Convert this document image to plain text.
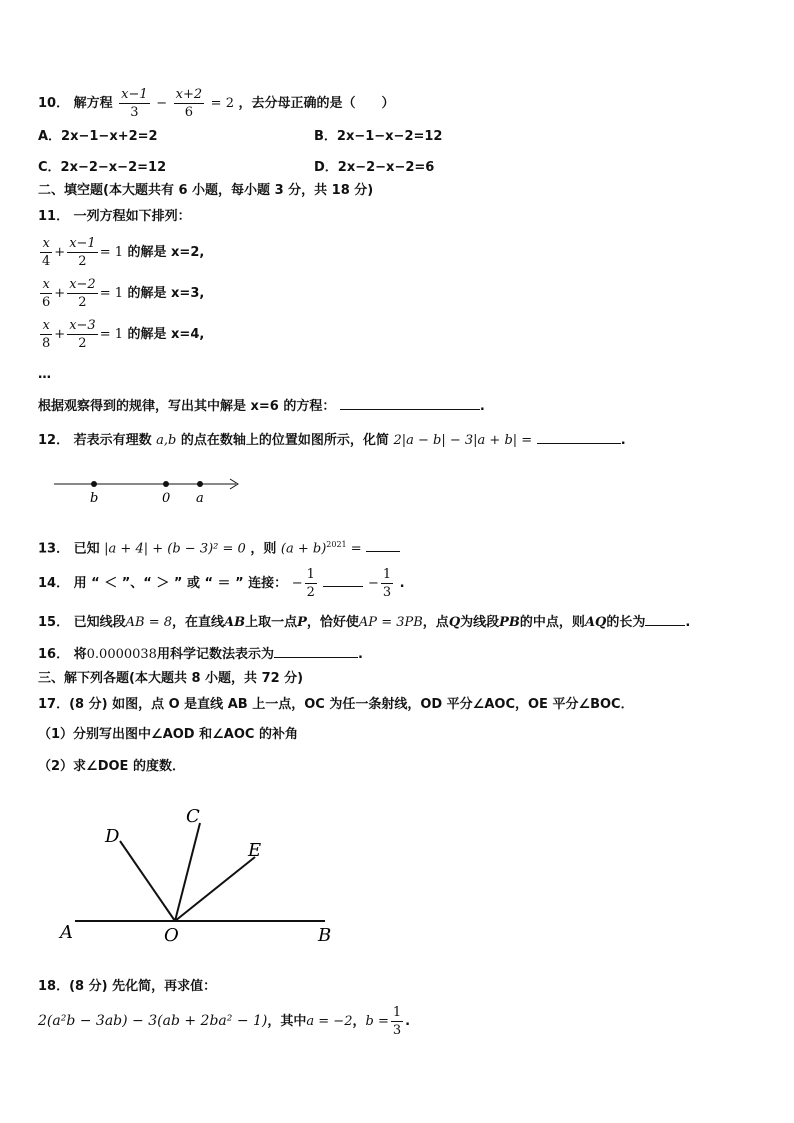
10． 解方程 $\frac{x-1}{3} - \frac{x+2}{6} = 2$ ，去分母正确的是（　　）
A．2x−1−x+2=2	B．2x−1−x−2=12
C．2x−2−x−2=12	D．2x−2−x−2=6
二、填空题(本大题共有 6 小题，每小题 3 分，共 18 分)
11． 一列方程如下排列：
$\frac{x}{4} + \frac{x-1}{2} = 1$ 的解是 x=2,
$\frac{x}{6} + \frac{x-2}{2} = 1$ 的解是 x=3,
$\frac{x}{8} + \frac{x-3}{2} = 1$ 的解是 x=4,
…
根据观察得到的规律，写出其中解是 x=6 的方程：	.
12． 若表示有理数 a,b 的点在数轴上的位置如图所示，化简 2|a − b| − 3|a + b| =	.
b	0 a
13． 已知 |a + 4| + (b − 3)² = 0 ，则 $(a + b)^{2021}$ =
14． 用 “ ＜ ”、“ ＞ ” 或 “ ＝ ” 连接： − $\frac{1}{2}$	− $\frac{1}{3}$ .
15． 已知线段AB = 8，在直线AB上取一点P，恰好使AP = 3PB，点Q为线段PB的中点，则AQ的长为	.
16． 将0.0000038用科学记数法表示为	.
三、解下列各题(本大题共 8 小题，共 72 分)
17．(8 分) 如图，点 O 是直线 AB 上一点，OC 为任一条射线，OD 平分∠AOC，OE 平分∠BOC．
（1）分别写出图中∠AOD 和∠AOC 的补角
（2）求∠DOE 的度数．
A	O	B
C
D
E
18．(8 分) 先化简，再求值：
2(a²b − 3ab) − 3(ab + 2ba² − 1)，其中a = −2，$b = \frac{1}{3}$ .
